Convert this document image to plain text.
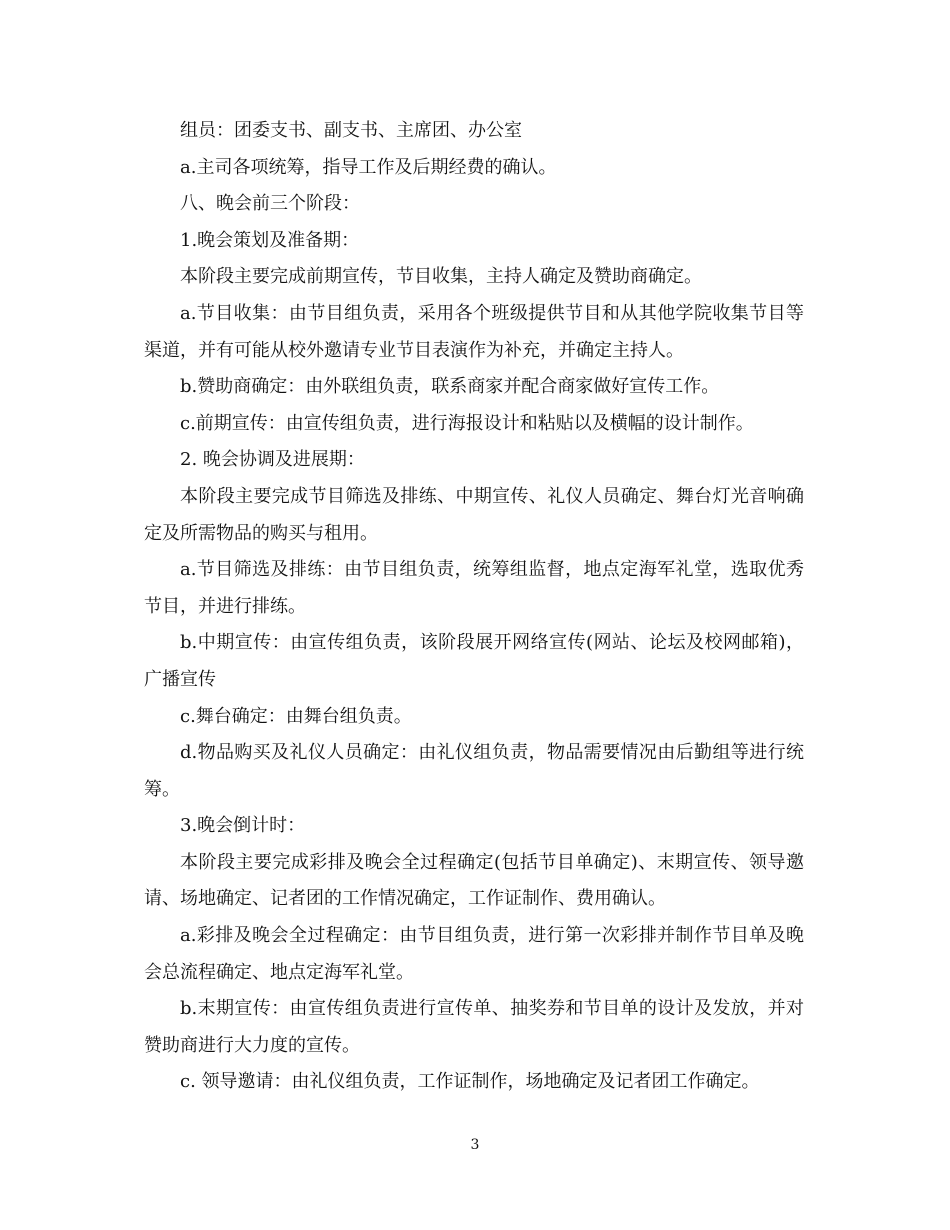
组员：团委支书、副支书、主席团、办公室

a.主司各项统筹，指导工作及后期经费的确认。

八、晚会前三个阶段：

1.晚会策划及准备期：

本阶段主要完成前期宣传，节目收集，主持人确定及赞助商确定。

a.节目收集：由节目组负责，采用各个班级提供节目和从其他学院收集节目等渠道，并有可能从校外邀请专业节目表演作为补充，并确定主持人。

b.赞助商确定：由外联组负责，联系商家并配合商家做好宣传工作。

c.前期宣传：由宣传组负责，进行海报设计和粘贴以及横幅的设计制作。

2. 晚会协调及进展期：

本阶段主要完成节目筛选及排练、中期宣传、礼仪人员确定、舞台灯光音响确定及所需物品的购买与租用。

a.节目筛选及排练：由节目组负责，统筹组监督，地点定海军礼堂，选取优秀节目，并进行排练。

b.中期宣传：由宣传组负责，该阶段展开网络宣传(网站、论坛及校网邮箱)，广播宣传

c.舞台确定：由舞台组负责。

d.物品购买及礼仪人员确定：由礼仪组负责，物品需要情况由后勤组等进行统筹。

3.晚会倒计时：

本阶段主要完成彩排及晚会全过程确定(包括节目单确定)、末期宣传、领导邀请、场地确定、记者团的工作情况确定，工作证制作、费用确认。

a.彩排及晚会全过程确定：由节目组负责，进行第一次彩排并制作节目单及晚会总流程确定、地点定海军礼堂。

b.末期宣传：由宣传组负责进行宣传单、抽奖券和节目单的设计及发放，并对赞助商进行大力度的宣传。

c. 领导邀请：由礼仪组负责，工作证制作，场地确定及记者团工作确定。

3
